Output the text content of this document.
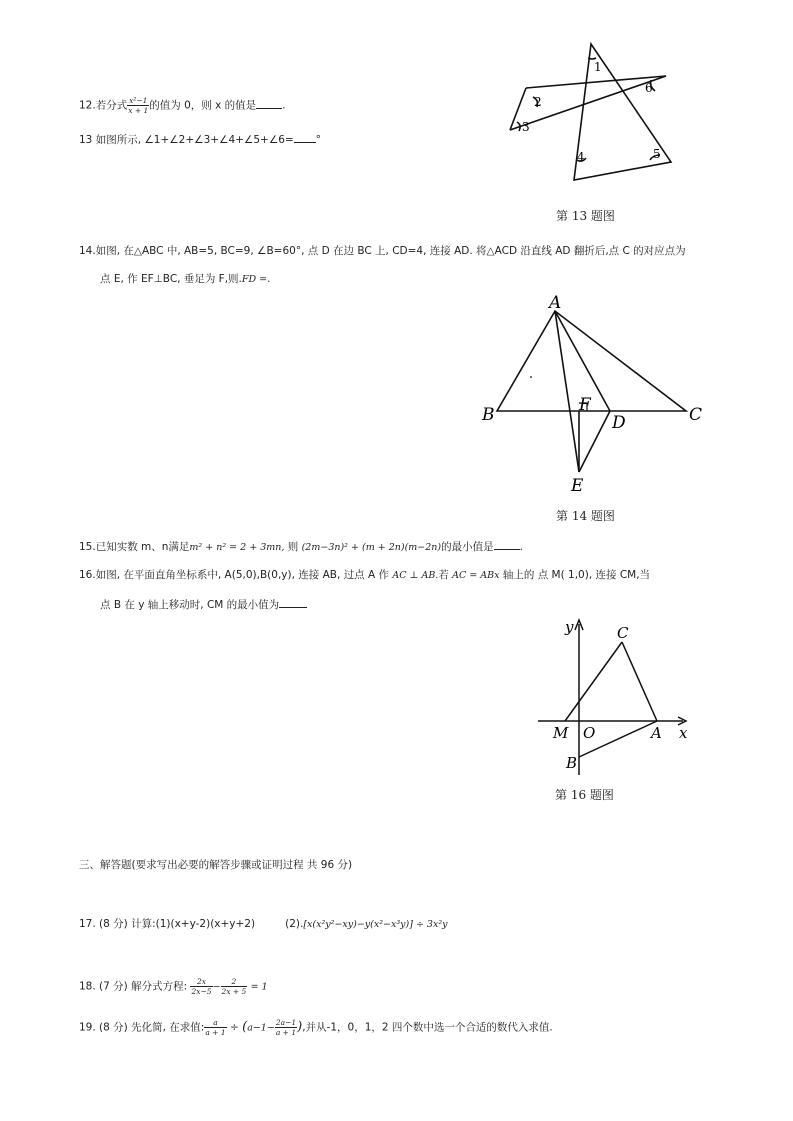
12.若分式 $\frac{\text{x²−1}}{x + 1}$ 的值为 0，则 x 的值是 .
13 如图所示, ∠1+∠2+∠3+∠4+∠5+∠6= °
1
2
3
4	5
6
A
B	C
D
E
F
y
x
C
M O	A
B
第 13 题图
14.如图, 在△ABC 中, AB=5, BC=9, ∠B=60°, 点 D 在边 BC 上, CD=4, 连接 AD. 将△ACD 沿直线 AD 翻折后,点 C 的对应点为
点 E, 作 EF⊥BC, 垂足为 F,则.FD =.
第 14 题图
15.已知实数 m、n满足m² + n² = 2 + 3mn, 则 (2m−3n)² + (m + 2n)(m−2n)的最小值是 .
16.如图, 在平面直角坐标系中, A(5,0),B(0,y), 连接 AB, 过点 A 作 AC ⊥ AB.若 AC = ABx 轴上的 点 M( 1,0), 连接 CM,当
点 B 在 y 轴上移动时, CM 的最小值为
第 16 题图
三、解答题(要求写出必要的解答步骤或证明过程 共 96 分)
17. (8 分) 计算:(1)(x+y-2)(x+y+2)	(2).[x(x²y²−xy)−y(x²−x³y)] ÷ 3x²y
18. (7 分) 解分式方程: $\frac{2x}{2x-5} - \frac{2}{2x + 5} = 1$
19. (8 分) 先化简, 在求值: $\frac{a}{a + 1} \div (a-1- \frac{2a-1}{a + 1}$ ),并从-1，0，1，2 四个数中选一个合适的数代入求值.
